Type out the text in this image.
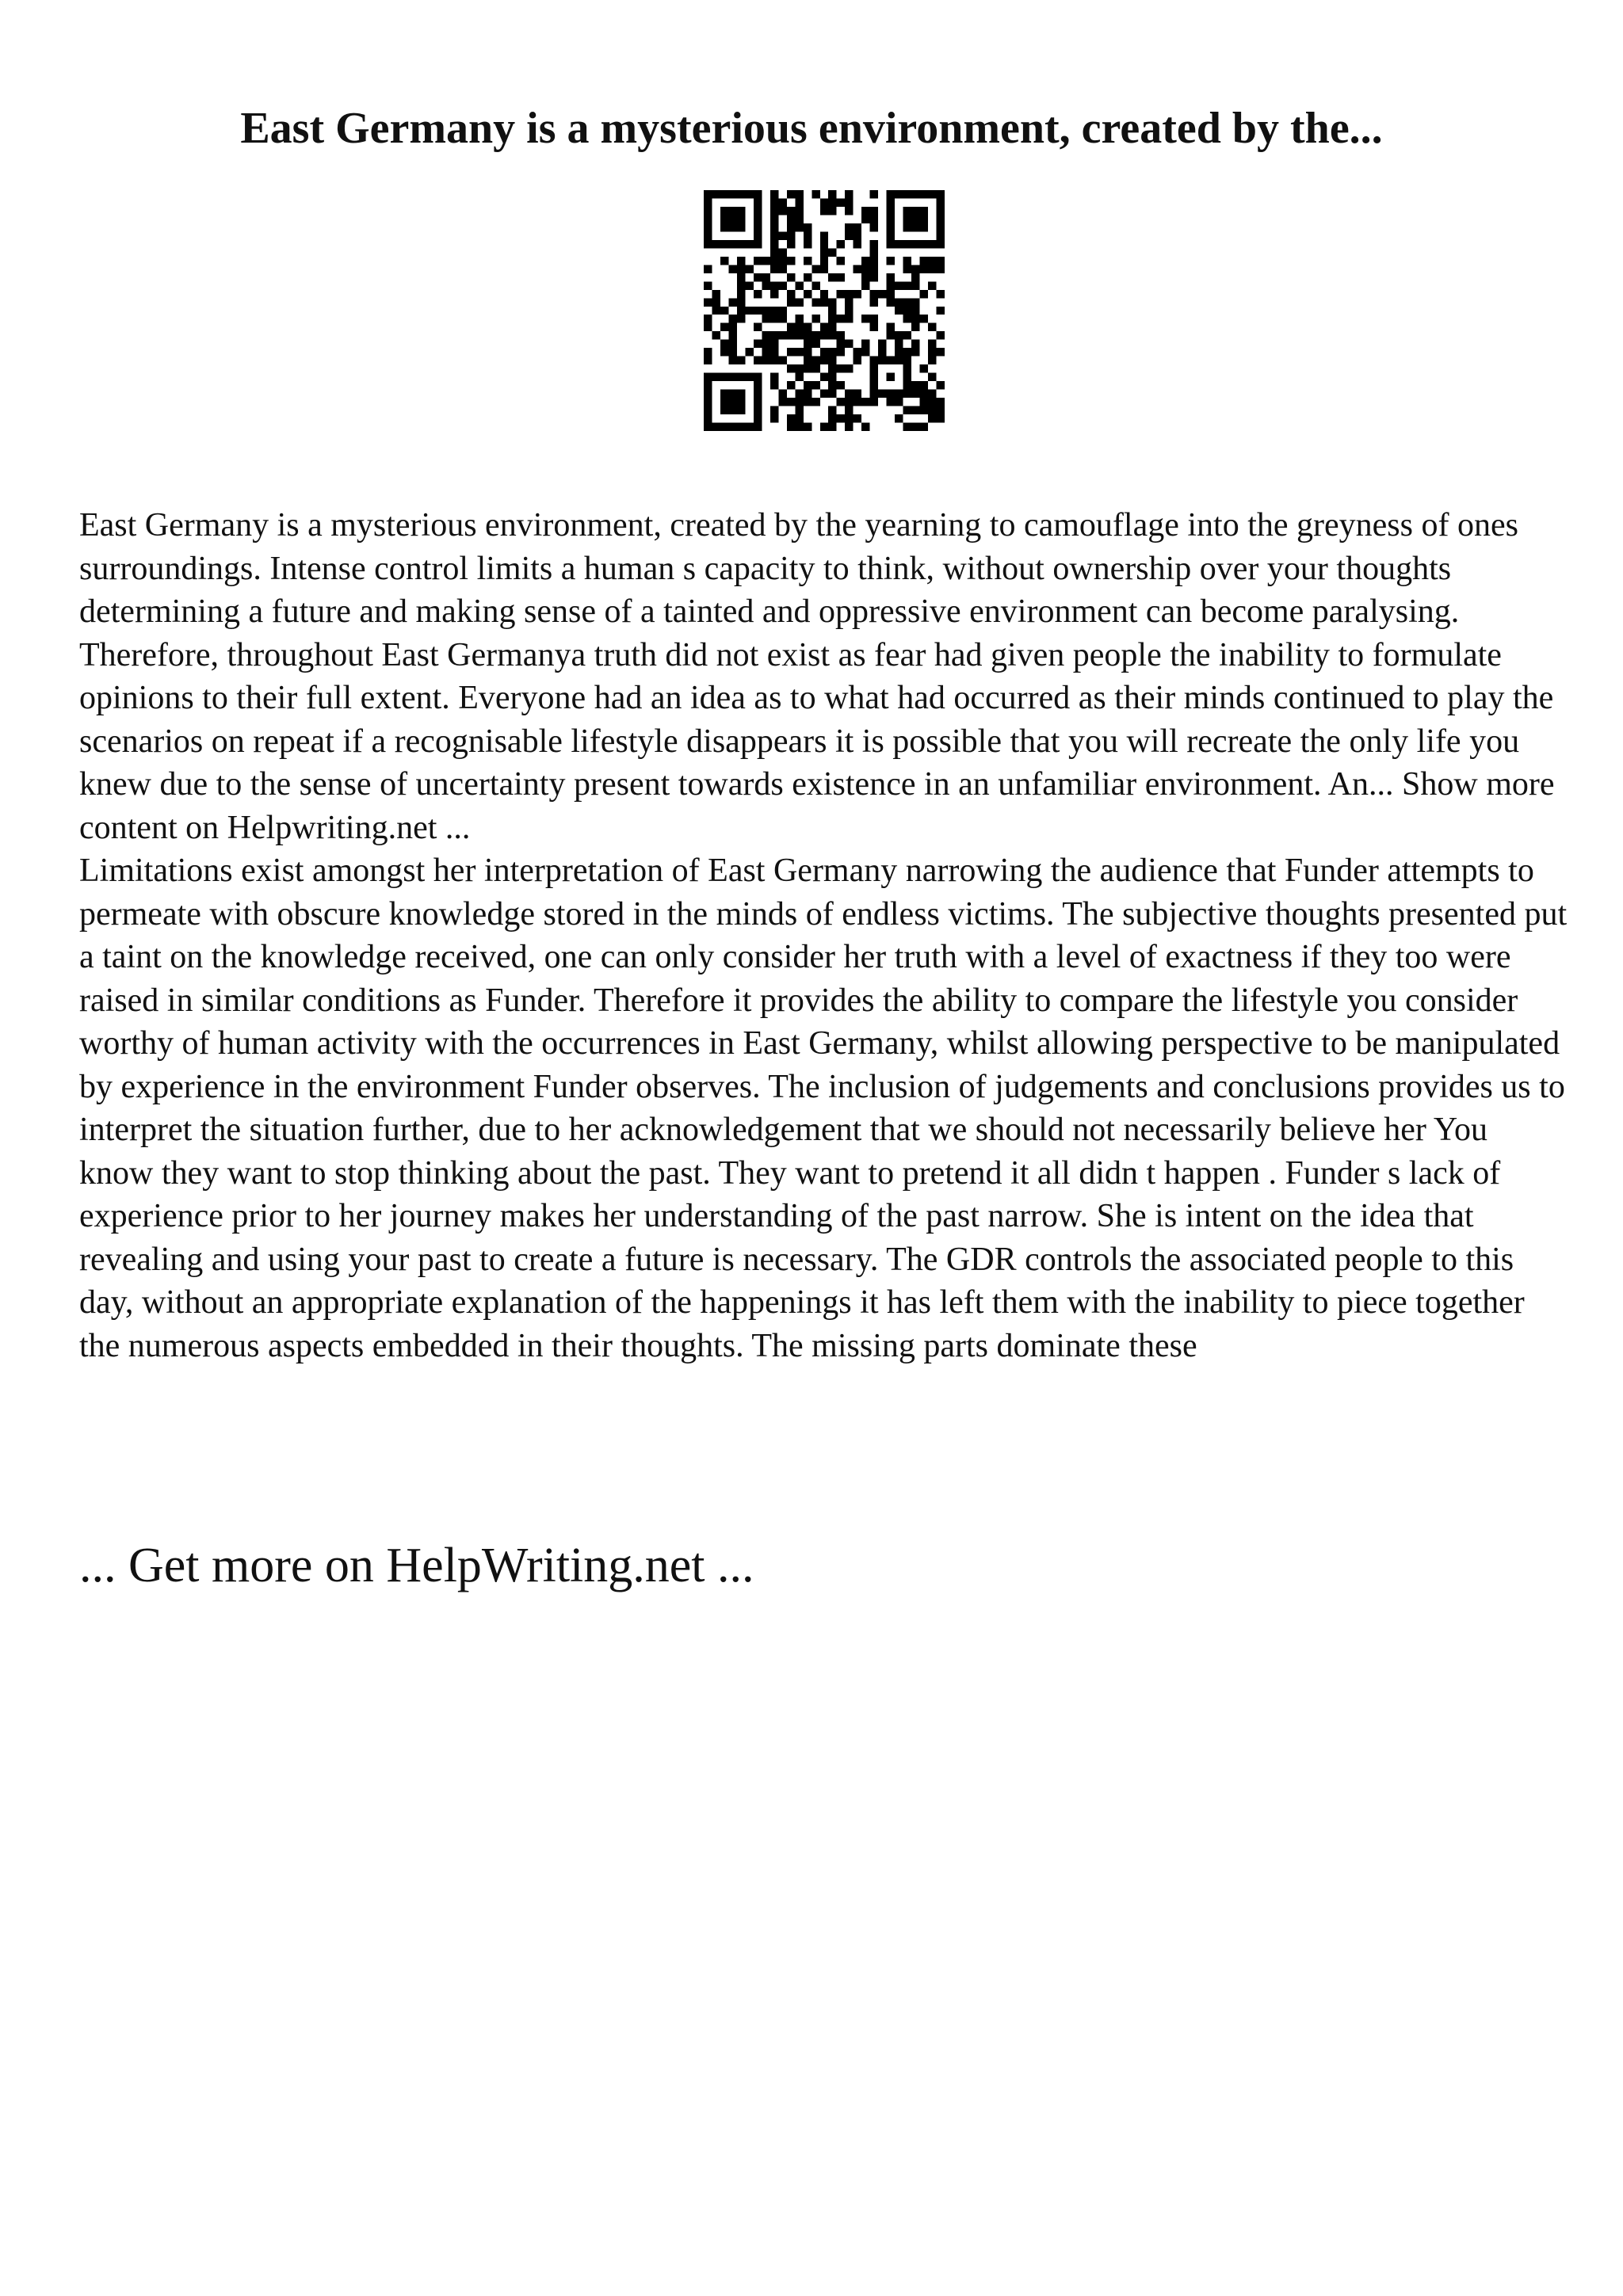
East Germany is a mysterious environment, created by the...

East Germany is a mysterious environment, created by the yearning to camouflage into the greyness of ones surroundings. Intense control limits a human s capacity to think, without ownership over your thoughts determining a future and making sense of a tainted and oppressive environment can become paralysing. Therefore, throughout East Germanya truth did not exist as fear had given people the inability to formulate opinions to their full extent. Everyone had an idea as to what had occurred as their minds continued to play the scenarios on repeat if a recognisable lifestyle disappears it is possible that you will recreate the only life you knew due to the sense of uncertainty present towards existence in an unfamiliar environment. An... Show more content on Helpwriting.net ...

Limitations exist amongst her interpretation of East Germany narrowing the audience that Funder attempts to permeate with obscure knowledge stored in the minds of endless victims. The subjective thoughts presented put a taint on the knowledge received, one can only consider her truth with a level of exactness if they too were raised in similar conditions as Funder. Therefore it provides the ability to compare the lifestyle you consider worthy of human activity with the occurrences in East Germany, whilst allowing perspective to be manipulated by experience in the environment Funder observes. The inclusion of judgements and conclusions provides us to interpret the situation further, due to her acknowledgement that we should not necessarily believe her You know they want to stop thinking about the past. They want to pretend it all didn t happen . Funder s lack of experience prior to her journey makes her understanding of the past narrow. She is intent on the idea that revealing and using your past to create a future is necessary. The GDR controls the associated people to this day, without an appropriate explanation of the happenings it has left them with the inability to piece together the numerous aspects embedded in their thoughts. The missing parts dominate these

... Get more on HelpWriting.net ...
